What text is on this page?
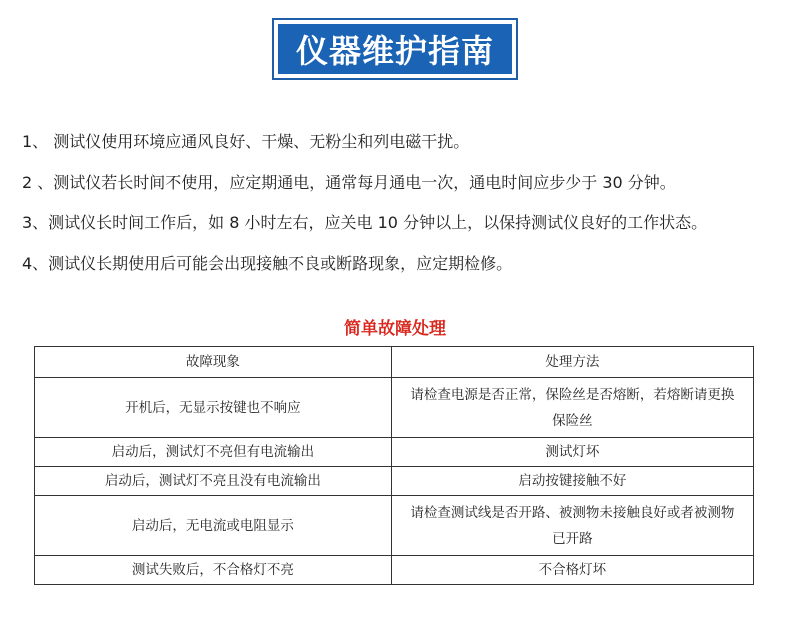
仪器维护指南
1、 测试仪使用环境应通风良好、干燥、无粉尘和列电磁干扰。
2 、测试仪若长时间不使用，应定期通电，通常每月通电一次，通电时间应步少于 30 分钟。
3、测试仪长时间工作后，如 8 小时左右，应关电 10 分钟以上，以保持测试仪良好的工作状态。
4、测试仪长期使用后可能会出现接触不良或断路现象，应定期检修。
简单故障处理
故障现象	处理方法
开机后，无显示按键也不响应	请检查电源是否正常，保险丝是否熔断，若熔断请更换保险丝
启动后，测试灯不亮但有电流输出	测试灯坏
启动后，测试灯不亮且没有电流输出	启动按键接触不好
启动后，无电流或电阻显示	请检查测试线是否开路、被测物未接触良好或者被测物已开路
测试失败后，不合格灯不亮	不合格灯坏
